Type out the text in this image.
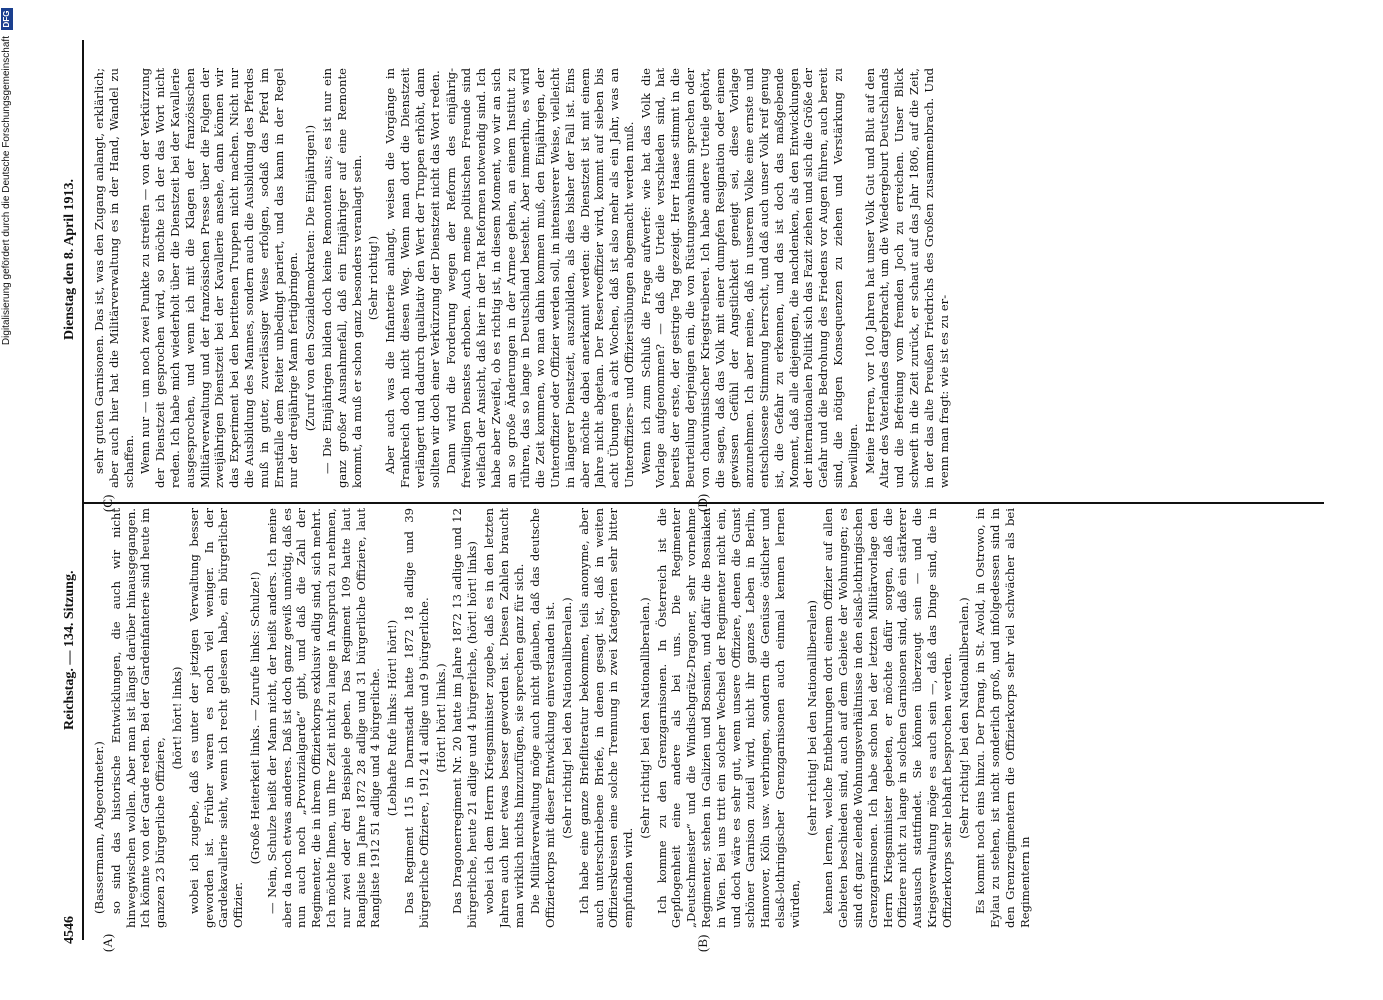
Digitalisierung gefördert durch die Deutsche Forschungsgemeinschaft
DFG
4546
Reichstag. — 134. Sitzung.
Dienstag den 8. April 1913.
(A)	(B)
(C)	(D)

(Bassermann, Abgeordneter.) so sind das historische Entwicklungen, die auch wir nicht hinwegwischen wollen. Aber man ist längst darüber hinausgegangen. Ich könnte von der Garde reden. Bei der Gardeinfanterie sind heute im ganzen 23 bürgerliche Offiziere,

(hört! hört! links) wobei ich zugebe, daß es unter der jetzigen Verwaltung besser geworden ist. Früher waren es noch viel weniger. In der Gardekavallerie sieht, wenn ich recht gelesen habe, ein bürgerlicher Offizier.

(Große Heiterkeit links. — Zurufe links: Schulze!) — Nein, Schulze heißt der Mann nicht, der heißt anders. Ich meine aber da noch etwas anderes. Daß ist doch ganz gewiß unnötig, daß es nun auch noch „Provinzialgarde“ gibt, und daß die Zahl der Regimenter, die in ihrem Offizierkorps exklusiv adlig sind, sich mehrt. Ich möchte Ihnen, um Ihre Zeit nicht zu lange in Anspruch zu nehmen, nur zwei oder drei Beispiele geben. Das Regiment 109 hatte laut Rangliste im Jahre 1872 28 adlige und 31 bürgerliche Offiziere, laut Rangliste 1912 51 adlige und 4 bürgerliche. (Lebhafte Rufe links: Hört! hört!) Das Regiment 115 in Darmstadt hatte 1872 18 adlige und 39 bürgerliche Offiziere, 1912 41 adlige und 9 bürgerliche. (Hört! hört! links.) Das Dragonerregiment Nr. 20 hatte im Jahre 1872 13 adlige und 12 bürgerliche, heute 21 adlige und 4 bürgerliche, (hört! hört! links) wobei ich dem Herrn Kriegsminister zugebe, daß es in den letzten Jahren auch hier etwas besser geworden ist. Diesen Zahlen braucht man wirklich nichts hinzuzufügen, sie sprechen ganz für sich. Die Militärverwaltung möge auch nicht glauben, daß das deutsche Offizierkorps mit dieser Entwicklung einverstanden ist. (Sehr richtig! bei den Nationalliberalen.) Ich habe eine ganze Briefliteratur bekommen, teils anonyme, aber auch unterschriebene Briefe, in denen gesagt ist, daß in weiten Offizierskreisen eine solche Trennung in zwei Kategorien sehr bitter empfunden wird.

(Sehr richtig! bei den Nationalliberalen.) Ich komme zu den Grenzgarnisonen. In Österreich ist die Gepflogenheit eine andere als bei uns. Die Regimenter „Deutschmeister“ und die Windischgrätz-Dragoner, sehr vornehme Regimenter, stehen in Galizien und Bosnien, und dafür die Bosniaken in Wien. Bei uns tritt ein solcher Wechsel der Regimenter nicht ein, und doch wäre es sehr gut, wenn unsere Offiziere, denen die Gunst schöner Garnison zuteil wird, nicht ihr ganzes Leben in Berlin, Hannover, Köln usw. verbringen, sondern die Genüsse östlicher und elsaß-lothringischer Grenzgarnisonen auch einmal kennen lernen würden,

(sehr richtig! bei den Nationalliberalen) kennen lernen, welche Entbehrungen dort einem Offizier auf allen Gebieten beschieden sind, auch auf dem Gebiete der Wohnungen; es sind oft ganz elende Wohnungsverhältnisse in den elsaß-lothringischen Grenzgarnisonen. Ich habe schon bei der letzten Militärvorlage den Herrn Kriegsminister gebeten, er möchte dafür sorgen, daß die Offiziere nicht zu lange in solchen Garnisonen sind, daß ein stärkerer Austausch stattfindet. Sie können überzeugt sein — und die Kriegsverwaltung möge es auch sein —, daß das Dinge sind, die in Offizierkorps sehr lebhaft besprochen werden. (Sehr richtig! bei den Nationalliberalen.) Es kommt noch eins hinzu. Der Drang, in St. Avold, in Ostrowo, in Eylau zu stehen, ist nicht sonderlich groß, und infolgedessen sind in den Grenzregimentern die Offizierkorps sehr viel schwächer als bei Regimentern in

sehr guten Garnisonen. Das ist, was den Zugang anlangt, erklärlich; aber auch hier hat die Militärverwaltung es in der Hand, Wandel zu schaffen. Wenn nur — um noch zwei Punkte zu streifen — von der Verkürzung der Dienstzeit gesprochen wird, so möchte ich der das Wort nicht reden. Ich habe mich wiederholt über die Dienstzeit bei der Kavallerie ausgesprochen, und wenn ich mit die Klagen der französischen Militärverwaltung und der französischen Presse über die Folgen der zweijährigen Dienstzeit bei der Kavallerie ansehe, dann können wir das Experiment bei den berittenen Truppen nicht machen. Nicht nur die Ausbildung des Mannes, sondern auch die Ausbildung des Pferdes muß in guter, zuverlässiger Weise erfolgen, sodaß das Pferd im Ernstfalle dem Reiter unbedingt pariert, und das kann in der Regel nur der dreijährige Mann fertigbringen. (Zuruf von den Sozialdemokraten: Die Einjährigen!) — Die Einjährigen bilden doch keine Remonten aus; es ist nur ein ganz großer Ausnahmefall, daß ein Einjähriger auf eine Remonte kommt, da muß er schon ganz besonders veranlagt sein. (Sehr richtig!) Aber auch was die Infanterie anlangt, weisen die Vorgänge in Frankreich doch nicht diesen Weg. Wenn man dort die Dienstzeit verlängert und dadurch qualitativ den Wert der Truppen erhöht, dann sollten wir doch einer Verkürzung der Dienstzeit nicht das Wort reden. Dann wird die Forderung wegen der Reform des einjährig-freiwilligen Dienstes erhoben. Auch meine politischen Freunde sind vielfach der Ansicht, daß hier in der Tat Reformen notwendig sind. Ich habe aber Zweifel, ob es richtig ist, in diesem Moment, wo wir an sich an so große Änderungen in der Armee gehen, an einem Institut zu rühren, das so lange in Deutschland besteht. Aber immerhin, es wird die Zeit kommen, wo man dahin kommen muß, den Einjährigen, der Unteroffizier oder Offizier werden soll, in intensiverer Weise, vielleicht in längerer Dienstzeit, auszubilden, als dies bisher der Fall ist. Eins aber möchte dabei anerkannt werden: die Dienstzeit ist mit einem Jahre nicht abgetan. Der Reserveoffizier wird, kommt auf sieben bis acht Übungen à acht Wochen, daß ist also mehr als ein Jahr, was an Unteroffiziers- und Offiziersübungen abgemacht werden muß. Wenn ich zum Schluß die Frage aufwerfe: wie hat das Volk die Vorlage aufgenommen? — daß die Urteile verschieden sind, hat bereits der erste, der gestrige Tag gezeigt. Herr Haase stimmt in die Beurteilung derjenigen ein, die von Rüstungswahnsinn sprechen oder von chauvinistischer Kriegstreiberei. Ich habe andere Urteile gehört, die sagen, daß das Volk mit einer dumpfen Resignation oder einem gewissen Gefühl der Angstlichkeit geneigt sei, diese Vorlage anzunehmen. Ich aber meine, daß in unserem Volke eine ernste und entschlossene Stimmung herrscht, und daß auch unser Volk reif genug ist, die Gefahr zu erkennen, und das ist doch das maßgebende Moment, daß alle diejenigen, die nachdenken, als den Entwicklungen der internationalen Politik sich das Fazit ziehen und sich die Größe der Gefahr und die Bedrohung des Friedens vor Augen führen, auch bereit sind, die nötigen Konsequenzen zu ziehen und Verstärkung zu bewilligen. Meine Herren, vor 100 Jahren hat unser Volk Gut und Blut auf den Altar des Vaterlandes dargebracht, um die Wiedergeburt Deutschlands und die Befreiung vom fremden Joch zu erreichen. Unser Blick schweift in die Zeit zurück, er schaut auf das Jahr 1806, auf die Zeit, in der das alte Preußen Friedrichs des Großen zusammenbrach. Und wenn man fragt: wie ist es zu er-
